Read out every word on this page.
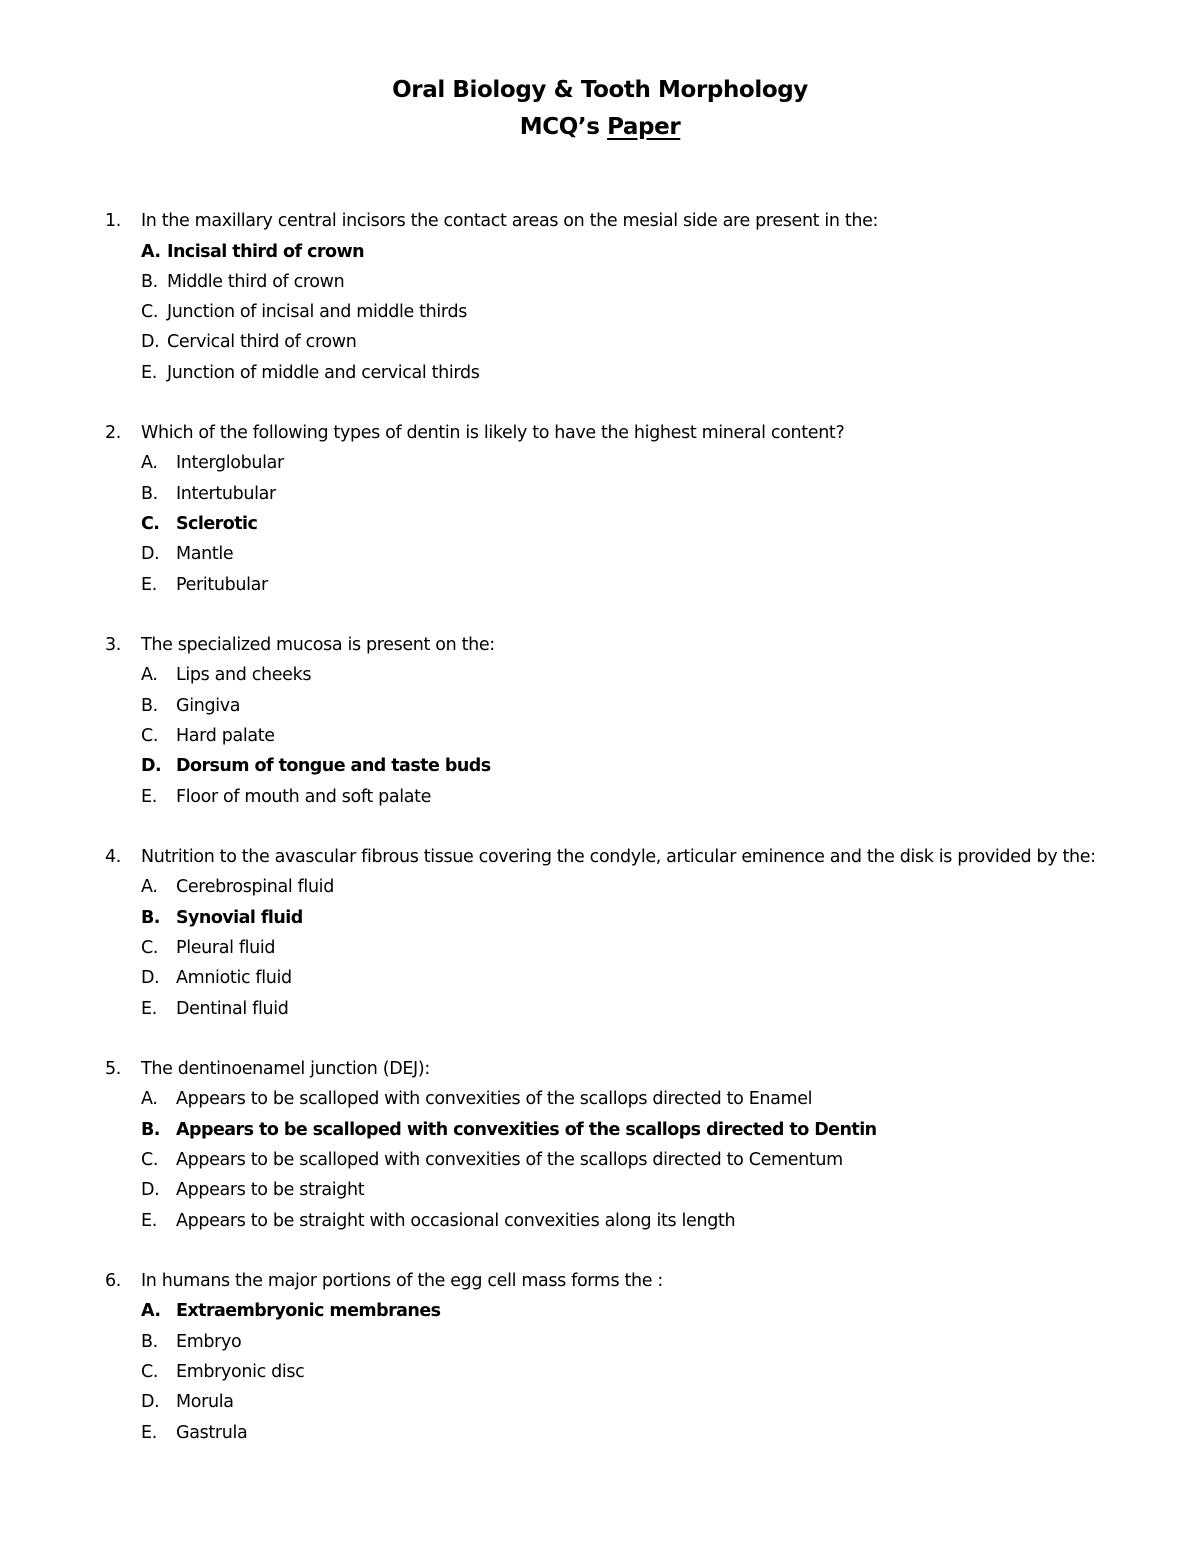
Oral Biology & Tooth Morphology
MCQ’s Paper
1. In the maxillary central incisors the contact areas on the mesial side are present in the:
A. Incisal third of crown
B. Middle third of crown
C. Junction of incisal and middle thirds
D. Cervical third of crown
E. Junction of middle and cervical thirds
2. Which of the following types of dentin is likely to have the highest mineral content?
A. Interglobular
B. Intertubular
C. Sclerotic
D. Mantle
E. Peritubular
3. The specialized mucosa is present on the:
A. Lips and cheeks
B. Gingiva
C. Hard palate
D. Dorsum of tongue and taste buds
E. Floor of mouth and soft palate
4. Nutrition to the avascular fibrous tissue covering the condyle, articular eminence and the disk is provided by the:
A. Cerebrospinal fluid
B. Synovial fluid
C. Pleural fluid
D. Amniotic fluid
E. Dentinal fluid
5. The dentinoenamel junction (DEJ):
A. Appears to be scalloped with convexities of the scallops directed to Enamel
B. Appears to be scalloped with convexities of the scallops directed to Dentin
C. Appears to be scalloped with convexities of the scallops directed to Cementum
D. Appears to be straight
E. Appears to be straight with occasional convexities along its length
6. In humans the major portions of the egg cell mass forms the :
A. Extraembryonic membranes
B. Embryo
C. Embryonic disc
D. Morula
E. Gastrula
